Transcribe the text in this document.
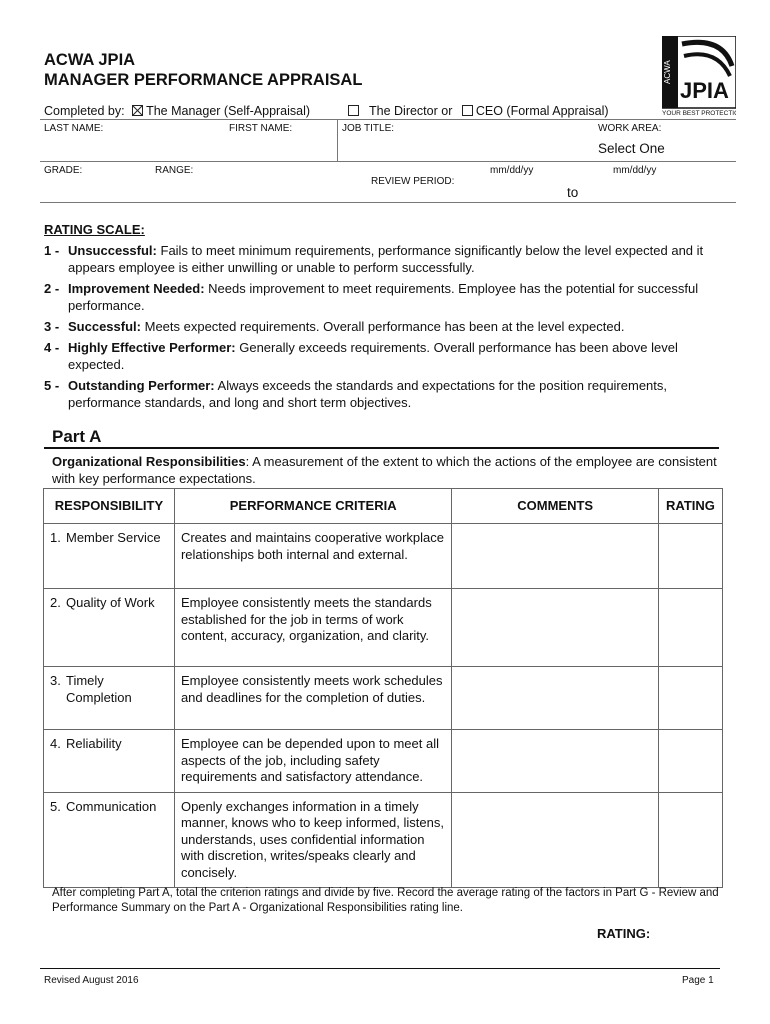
ACWA JPIA
MANAGER PERFORMANCE APPRAISAL	ACWA
JPIA
YOUR BEST PROTECTION
Completed by: The Manager (Self-Appraisal)	The Director or CEO (Formal Appraisal)
LAST NAME:	FIRST NAME:	JOB TITLE:	WORK AREA:
Select One
GRADE:	RANGE:
REVIEW PERIOD:
mm/dd/yy	mm/dd/yy
to
RATING SCALE:
1 - Unsuccessful: Fails to meet minimum requirements, performance significantly below the level expected and it appears employee is either unwilling or unable to perform successfully.
2 - Improvement Needed: Needs improvement to meet requirements. Employee has the potential for successful performance.
3 - Successful: Meets expected requirements. Overall performance has been at the level expected.
4 - Highly Effective Performer: Generally exceeds requirements. Overall performance has been above level expected.
5 - Outstanding Performer: Always exceeds the standards and expectations for the position requirements, performance standards, and long and short term objectives.
Part A
Organizational Responsibilities: A measurement of the extent to which the actions of the employee are consistent with key performance expectations.
RESPONSIBILITY	PERFORMANCE CRITERIA	COMMENTS	RATING

1. Member Service	Creates and maintains cooperative workplace relationships both internal and external.		

2. Quality of Work	Employee consistently meets the standards established for the job in terms of work content, accuracy, organization, and clarity.		

3. Timely Completion	Employee consistently meets work schedules and deadlines for the completion of duties.		

4. Reliability	Employee can be depended upon to meet all aspects of the job, including safety requirements and satisfactory attendance.		

5. Communication	Openly exchanges information in a timely manner, knows who to keep informed, listens, understands, uses confidential information with discretion, writes/speaks clearly and concisely.		
After completing Part A, total the criterion ratings and divide by five. Record the average rating of the factors in Part G - Review and Performance Summary on the Part A - Organizational Responsibilities rating line.
RATING:
Revised August 2016	Page 1
